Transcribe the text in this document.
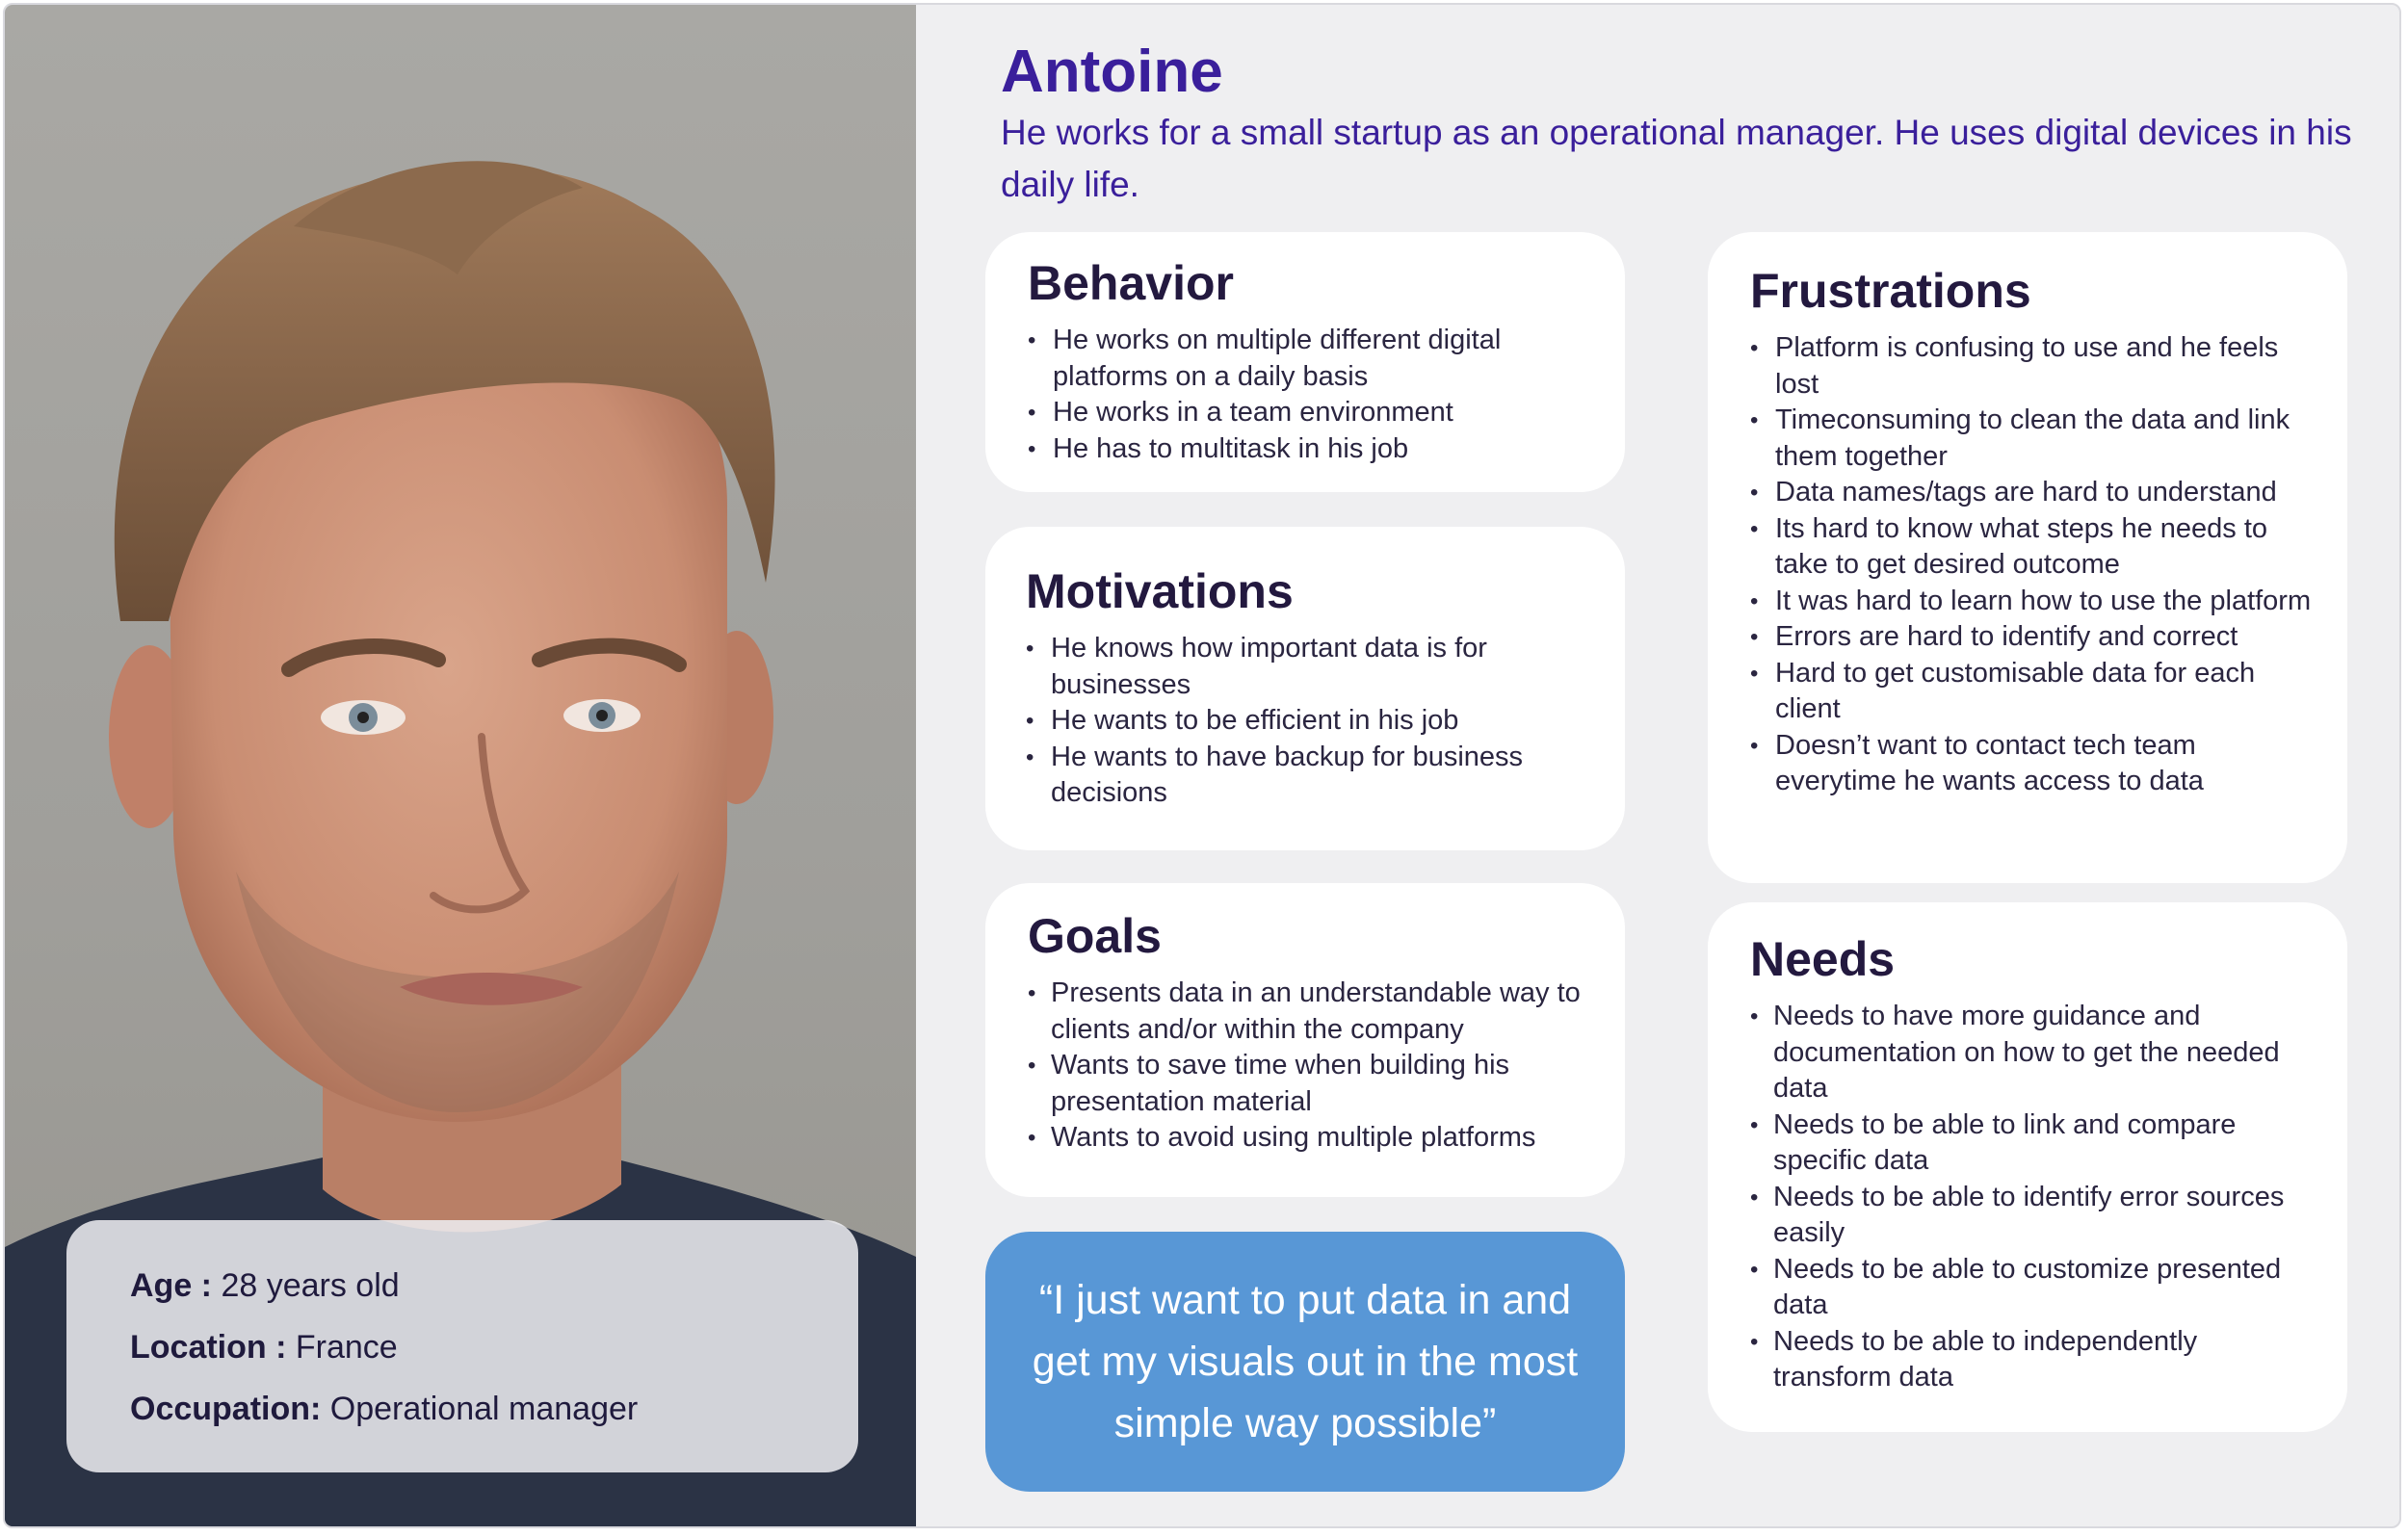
Age : 28 years old
Location : France
Occupation: Operational manager
Antoine

He works for a small startup as an operational manager. He uses digital devices in his daily life.

Behavior
• He works on multiple different digital platforms on a daily basis
• He works in a team environment
• He has to multitask in his job
Motivations
• He knows how important data is for businesses
• He wants to be efficient in his job
• He wants to have backup for business decisions
Goals
• Presents data in an understandable way to clients and/or within the company
• Wants to save time when building his presentation material
• Wants to avoid using multiple platforms

“I just want to put data in and get my visuals out in the most simple way possible”

Frustrations
• Platform is confusing to use and he feels lost
• Timeconsuming to clean the data and link them together
• Data names/tags are hard to understand
• Its hard to know what steps he needs to take to get desired outcome
• It was hard to learn how to use the platform
• Errors are hard to identify and correct
• Hard to get customisable data for each client
• Doesn’t want to contact tech team everytime he wants access to data
Needs
• Needs to have more guidance and documentation on how to get the needed data
• Needs to be able to link and compare specific data
• Needs to be able to identify error sources easily
• Needs to be able to customize presented data
• Needs to be able to independently transform data
